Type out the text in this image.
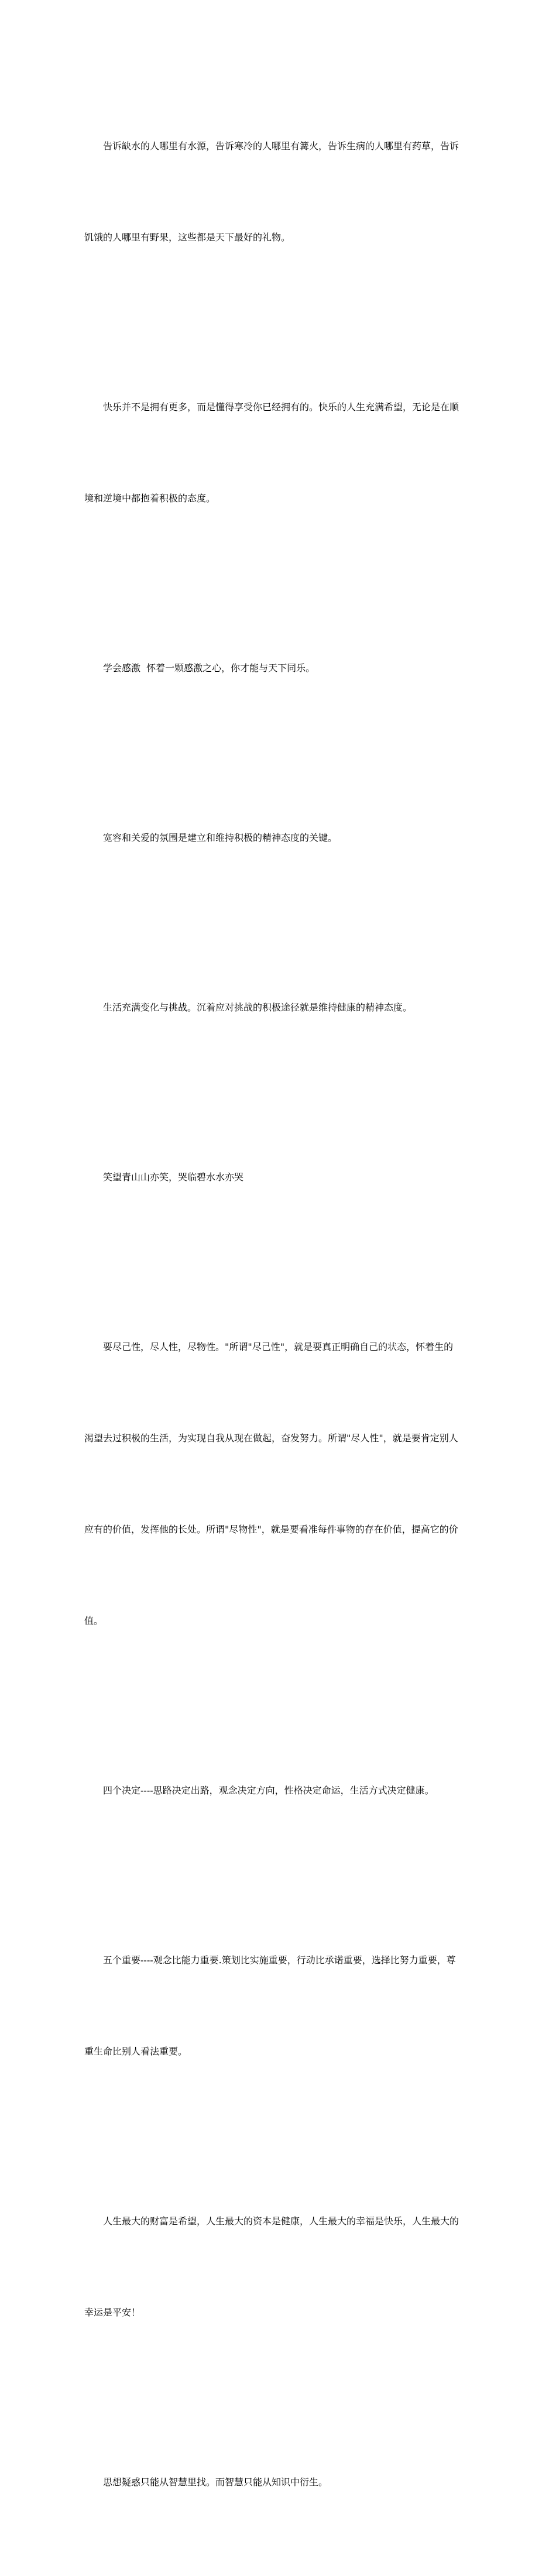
告诉缺水的人哪里有水源，告诉寒冷的人哪里有篝火，告诉生病的人哪里有药草，告诉

饥饿的人哪里有野果，这些都是天下最好的礼物。

快乐并不是拥有更多，而是懂得享受你已经拥有的。快乐的人生充满希望，无论是在顺

境和逆境中都抱着积极的态度。

学会感激  怀着一颗感激之心，你才能与天下同乐。

宽容和关爱的氛围是建立和维持积极的精神态度的关键。

生活充满变化与挑战。沉着应对挑战的积极途径就是维持健康的精神态度。

笑望青山山亦笑，哭临碧水水亦哭

要尽己性，尽人性，尽物性。"所谓"尽己性"，就是要真正明确自己的状态，怀着生的

渴望去过积极的生活，为实现自我从现在做起，奋发努力。所谓"尽人性"，就是要肯定别人

应有的价值，发挥他的长处。所谓"尽物性"，就是要看准每件事物的存在价值，提高它的价

值。

四个决定----思路决定出路，观念决定方向，性格决定命运，生活方式决定健康。

五个重要----观念比能力重要.策划比实施重要，行动比承诺重要，选择比努力重要，尊

重生命比别人看法重要。

人生最大的财富是希望，人生最大的资本是健康，人生最大的幸福是快乐，人生最大的

幸运是平安！

思想疑惑只能从智慧里找。而智慧只能从知识中衍生。
